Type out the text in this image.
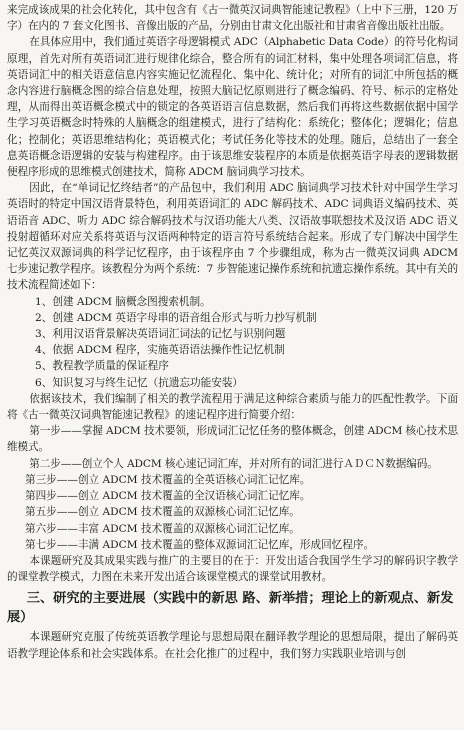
来完成该成果的社会化转化，其中包含有《古一微英汉词典智能速记教程》（上中下三册，120 万字）在内的 7 套文化图书、音像出版的产品，分别由甘肃文化出版社和甘肃省音像出版社出版。

在具体应用中，我们通过英语字母逻辑模式 ADC（Alphabetic Data Code）的符号化构词原理，首先对所有英语词汇进行规律化综合，整合所有的词汇材料，集中处理各项词汇信息，将英语词汇中的相关语意信息内容实施记忆流程化、集中化、统计化；对所有的词汇中所包括的概念内容进行脑概念图的综合信息处理，按照大脑记忆原则进行了概念编码、符号、标示的定格处理，从而得出英语概念模式中的锁定的各英语语言信息数据，然后我们再将这些数据依据中国学生学习英语概念时特殊的人脑概念的组建模式，进行了结构化：系统化；整体化；逻辑化；信息化；控制化；英语思维结构化；英语模式化；考试任务化等技术的处理。随后，总结出了一套全息英语概念语逻辑的安装与构建程序。由于该思维安装程序的本质是依据英语字母表的逻辑数据便程序形成的思维模式创建技术，简称 ADCM 脑词典学习技术。

因此，在“单词记忆终结者”的产品包中，我们利用 ADC 脑词典学习技术针对中国学生学习英语时的特定中国汉语背景特色，利用英语词汇的 ADC 解码技术、ADC 词典语义编码技术、英语语音 ADC、听力 ADC 综合解码技术与汉语功能大八类、汉语故事联想技术及汉语 ADC 语义投射超循环对应关系将英语与汉语两种特定的语言符号系统结合起来。形成了专门解决中国学生记忆英汉双源词典的科学记忆程序，由于该程序由 7 个步骤组成，称为古一微英汉词典 ADCM 七步速记教学程序。该教程分为两个系统：7 步智能速记操作系统和抗遗忘操作系统。其中有关的技术流程简述如下：

1、创建 ADCM 脑概念图搜索机制。

2、创建 ADCM 英语字母串的语音组合形式与听力抄写机制

3、利用汉语背景解决英语词汇词法的记忆与识别问题

4、依据 ADCM 程序，实施英语语法操作性记忆机制

5、教程教学质量的保证程序

6、知识复习与终生记忆（抗遗忘功能安装）

依据该技术，我们编制了相关的教学流程用于满足这种综合素质与能力的匹配性教学。下面将《古一微英汉词典智能速记教程》的速记程序进行简要介绍：

第一步——掌握 ADCM 技术要领，形成词汇记忆任务的整体概念，创建 ADCM 核心技术思维模式。

第二步——创立个人 ADCM 核心速记词汇库，并对所有的词汇进行ＡＤＣＮ数据编码。

第三步——创立 ADCM 技术覆盖的全英语核心词汇记忆库。

第四步——创立 ADCM 技术覆盖的全汉语核心词汇记忆库。

第五步——创立 ADCM 技术覆盖的双源核心词汇记忆库。

第六步——丰富 ADCM 技术覆盖的双源核心词汇记忆库。

第七步——丰满 ADCM 技术覆盖的整体双源词汇记忆库，形成回忆程序。

本课题研究及其成果实践与推广的主要目的在于：开发出适合我国学生学习的解码识字教学的课堂教学模式，力图在未来开发出适合该课堂模式的课堂试用教材。

三、研究的主要进展（实践中的新思 路、新举措；理论上的新观点、新发展）

本课题研究克服了传统英语教学理论与思想局限在翻译教学理论的思想局限，提出了解码英语教学理论体系和社会实践体系。在社会化推广的过程中，我们努力实践职业培训与创
